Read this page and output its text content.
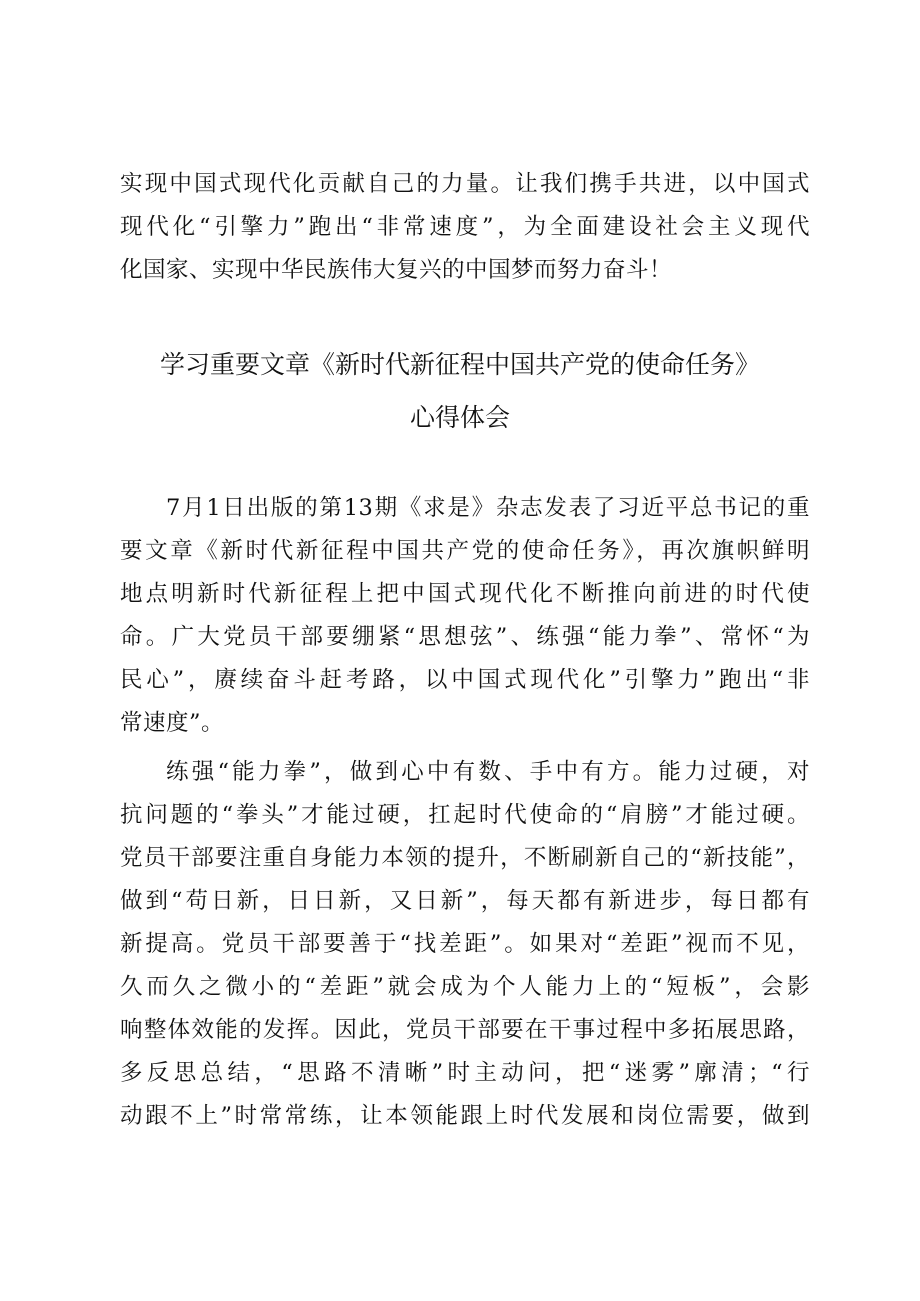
实现中国式现代化贡献自己的力量。让我们携手共进，以中国式

现代化“引擎力”跑出“非常速度”，为全面建设社会主义现代

化国家、实现中华民族伟大复兴的中国梦而努力奋斗！

学习重要文章《新时代新征程中国共产党的使命任务》
心得体会

7月1日出版的第13期《求是》杂志发表了习近平总书记的重

要文章《新时代新征程中国共产党的使命任务》，再次旗帜鲜明

地点明新时代新征程上把中国式现代化不断推向前进的时代使

命。广大党员干部要绷紧“思想弦”、练强“能力拳”、常怀“为

民心”，赓续奋斗赶考路，以中国式现代化”引擎力”跑出“非

常速度”。

练强“能力拳”，做到心中有数、手中有方。能力过硬，对

抗问题的“拳头”才能过硬，扛起时代使命的“肩膀”才能过硬。

党员干部要注重自身能力本领的提升，不断刷新自己的“新技能”，

做到“苟日新，日日新，又日新”，每天都有新进步，每日都有

新提高。党员干部要善于“找差距”。如果对“差距”视而不见，

久而久之微小的“差距”就会成为个人能力上的“短板”，会影

响整体效能的发挥。因此，党员干部要在干事过程中多拓展思路，

多反思总结，“思路不清晰”时主动问，把“迷雾”廓清；“行

动跟不上”时常常练，让本领能跟上时代发展和岗位需要，做到
